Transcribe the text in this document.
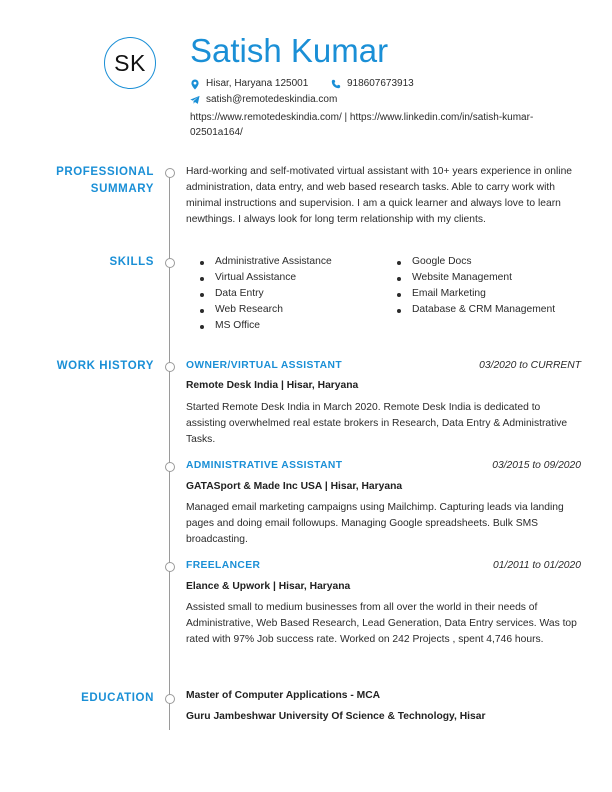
SK	Satish Kumar
Hisar, Haryana 125001	918607673913
satish@remotedeskindia.com
https://www.remotedeskindia.com/ | https://www.linkedin.com/in/satish-kumar-02501a164/
PROFESSIONAL
SUMMARY
Hard-working and self-motivated virtual assistant with 10+ years experience in online administration, data entry, and web based research tasks. Able to carry work with minimal instructions and supervision. I am a quick learner and always love to learn newthings. I always look for long term relationship with my clients.
SKILLS	Administrative Assistance
Virtual Assistance
Data Entry
Web Research
MS Office
Google Docs
Website Management
Email Marketing
Database & CRM Management
WORK HISTORY	OWNER/VIRTUAL ASSISTANT	03/2020 to CURRENT
Remote Desk India | Hisar, Haryana
Started Remote Desk India in March 2020. Remote Desk India is dedicated to assisting overwhelmed real estate brokers in Research, Data Entry & Administrative Tasks.
ADMINISTRATIVE ASSISTANT	03/2015 to 09/2020
GATASport & Made Inc USA | Hisar, Haryana
Managed email marketing campaigns using Mailchimp. Capturing leads via landing pages and doing email followups. Managing Google spreadsheets. Bulk SMS broadcasting.
FREELANCER	01/2011 to 01/2020
Elance & Upwork | Hisar, Haryana
Assisted small to medium businesses from all over the world in their needs of Administrative, Web Based Research, Lead Generation, Data Entry services. Was top rated with 97% Job success rate. Worked on 242 Projects , spent 4,746 hours.
EDUCATION	Master of Computer Applications - MCA
Guru Jambeshwar University Of Science & Technology, Hisar
